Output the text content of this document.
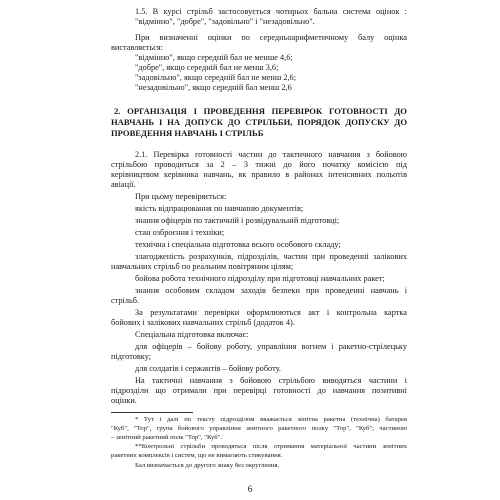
1.5. В курсі стрільб застосовується чотирьох бальна система оцінок :
"відмінно", "добре", "задовільно" і "незадовільно".
При визначенні оцінки по середньоарифметичному балу оцінка
виставляється:
"відмінно", якщо середній бал не менше 4,6;
"добре", якщо середній бал не менш 3,6;
"задовільно", якщо середній бал не менш 2,6;
"незадовільно", якщо середній бал менш 2,6
2. ОРГАНІЗАЦІЯ І ПРОВЕДЕННЯ ПЕРЕВІРОК ГОТОВНОСТІ ДО
НАВЧАНЬ І НА ДОПУСК ДО СТРІЛЬБИ, ПОРЯДОК ДОПУСКУ ДО
ПРОВЕДЕННЯ НАВЧАНЬ І СТРІЛЬБ
2.1. Перевірка готовності частин до тактичного навчання з бойовою
стрільбою проводиться за 2 – 3 тижні до його початку комісією під
керівництвом керівника навчань, як правило в районах інтенсивних польотів
авіації.
При цьому перевіряється:
якість відпрацювання по навчанню документів;
знання офіцерів по тактичній і розвідувальній підготовці;
стан озброєння і техніки;
технічна і спеціальна підготовка всього особового складу;
злагодженість розрахунків, підрозділів, частин при проведенні залікових
навчальних стрільб по реальним повітряним цілям;
бойова робота технічного підрозділу при підготовці навчальних ракет;
знання особовим складом заходів безпеки при проведенні навчань і
стрільб.
За результатами перевірки оформлюються акт і контрольна картка
бойових і залікових навчальних стрільб (додаток 4).
Спеціальна підготовка включає:
для офіцерів – бойову роботу, управління вогнем і ракетно-стрілецьку
підготовку;
для солдатів і сержантів – бойову роботу.
На тактичні навчання з бойовою стрільбою виводяться частини і
підрозділи що отримали при перевірці готовності до навчання позитивні
оцінки.
* Тут і далі по тексту підрозділом вважається зенітна ракетна (технічна) батарея
"Куб", "Тор", група бойового управління зенітного ракетного полку "Тор", "Куб"; частиною
– зенітний ракетний полк "Тор", "Куб".
**Контрольні стрільби проводяться після отримання матеріальної частини зенітних
ракетних комплексів і систем, що не вимагають стикування.
Бал визначається до другого знаку без округлення.
6
